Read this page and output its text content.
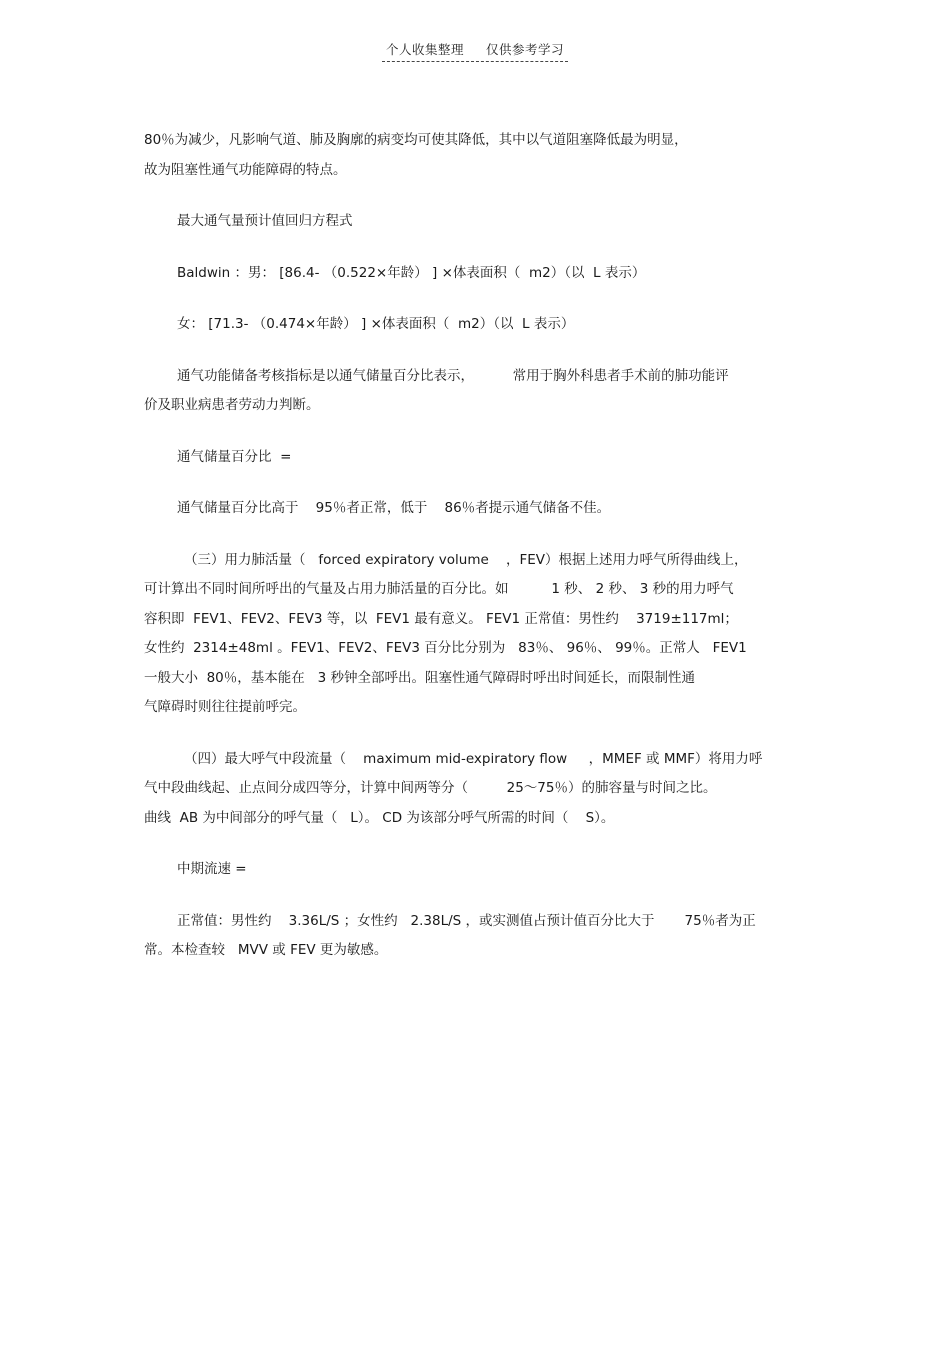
个人收集整理 仅供参考学习
80％为减少，凡影响气道、肺及胸廓的病变均可使其降低，其中以气道阻塞降低最为明显，
故为阻塞性通气功能障碍的特点。
最大通气量预计值回归方程式
Baldwin ：男： [86.4- （0.522×年龄） ] ×体表面积（  m2）（以  L 表示）
女： [71.3- （0.474×年龄） ] ×体表面积（  m2）（以  L 表示）
通气功能储备考核指标是以通气储量百分比表示，         常用于胸外科患者手术前的肺功能评
价及职业病患者劳动力判断。
通气储量百分比  =
通气储量百分比高于    95％者正常，低于    86％者提示通气储备不佳。
（三）用力肺活量（   forced expiratory volume    ，FEV）根据上述用力呼气所得曲线上，
可计算出不同时间所呼出的气量及占用力肺活量的百分比。如          1 秒、 2 秒、 3 秒的用力呼气
容积即  FEV1、FEV2、FEV3 等，以  FEV1 最有意义。 FEV1 正常值：男性约    3719±117ml；
女性约  2314±48ml 。FEV1、FEV2、FEV3 百分比分别为   83％、 96％、 99％。正常人   FEV1
一般大小  80％，基本能在   3 秒钟全部呼出。阻塞性通气障碍时呼出时间延长，而限制性通
气障碍时则往往提前呼完。
（四）最大呼气中段流量（    maximum mid-expiratory flow     ，MMEF 或 MMF）将用力呼
气中段曲线起、止点间分成四等分，计算中间两等分（         25～75％）的肺容量与时间之比。
曲线  AB 为中间部分的呼气量（   L）。 CD 为该部分呼气所需的时间（    S）。
中期流速 =
正常值：男性约    3.36L/S ；女性约   2.38L/S ，或实测值占预计值百分比大于       75％者为正
常。本检查较   MVV 或 FEV 更为敏感。
